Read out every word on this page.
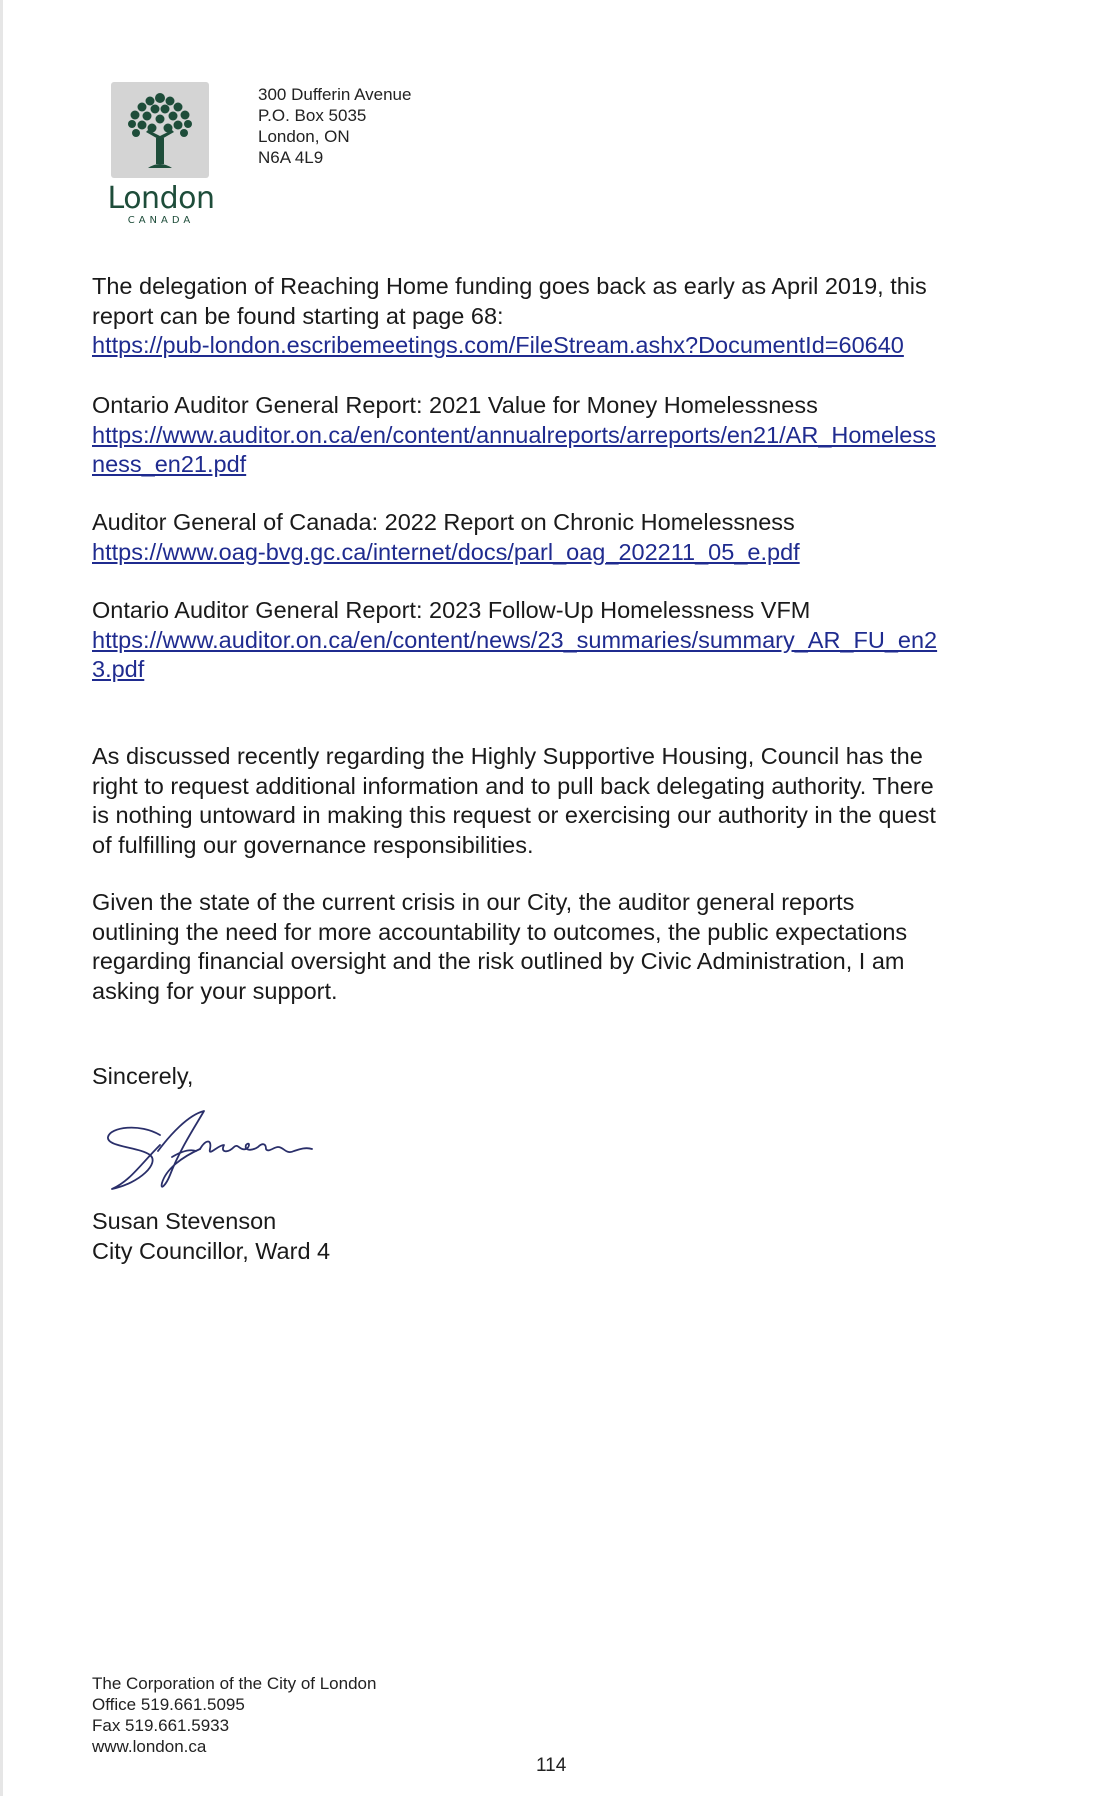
London
CANADA
300 Dufferin Avenue
P.O. Box 5035
London, ON
N6A 4L9
The delegation of Reaching Home funding goes back as early as April 2019, this
report can be found starting at page 68:
https://pub-london.escribemeetings.com/FileStream.ashx?DocumentId=60640
Ontario Auditor General Report: 2021 Value for Money Homelessness
https://www.auditor.on.ca/en/content/annualreports/arreports/en21/AR_Homeless
ness_en21.pdf
Auditor General of Canada: 2022 Report on Chronic Homelessness
https://www.oag-bvg.gc.ca/internet/docs/parl_oag_202211_05_e.pdf
Ontario Auditor General Report: 2023 Follow-Up Homelessness VFM
https://www.auditor.on.ca/en/content/news/23_summaries/summary_AR_FU_en2
3.pdf
As discussed recently regarding the Highly Supportive Housing, Council has the
right to request additional information and to pull back delegating authority. There
is nothing untoward in making this request or exercising our authority in the quest
of fulfilling our governance responsibilities.
Given the state of the current crisis in our City, the auditor general reports
outlining the need for more accountability to outcomes, the public expectations
regarding financial oversight and the risk outlined by Civic Administration, I am
asking for your support.
Sincerely,
Susan Stevenson
City Councillor, Ward 4
The Corporation of the City of London
Office 519.661.5095
Fax 519.661.5933
www.london.ca
114
